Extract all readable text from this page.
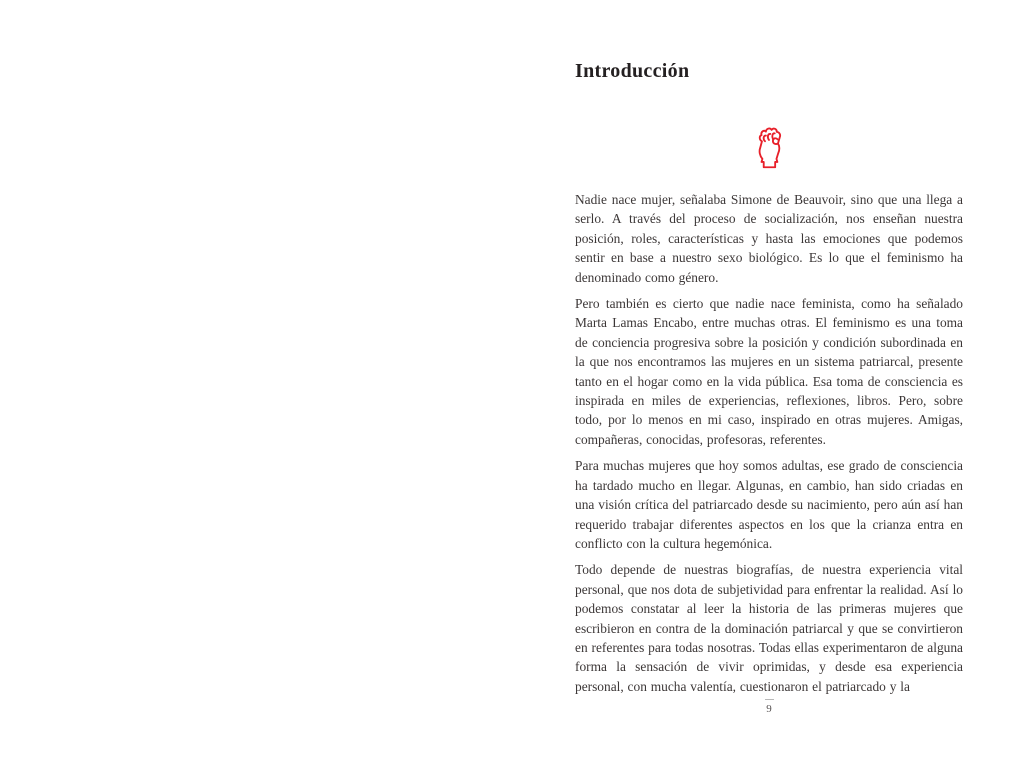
Introducción

Nadie nace mujer, señalaba Simone de Beauvoir, sino que una llega a serlo. A través del proceso de socialización, nos enseñan nuestra posición, roles, características y hasta las emociones que podemos sentir en base a nuestro sexo biológico. Es lo que el feminismo ha denominado como género.

Pero también es cierto que nadie nace feminista, como ha señalado Marta Lamas Encabo, entre muchas otras. El feminismo es una toma de conciencia progresiva sobre la posición y condición subordinada en la que nos encontramos las mujeres en un sistema patriarcal, presente tanto en el hogar como en la vida pública. Esa toma de consciencia es inspirada en miles de experiencias, reflexiones, libros. Pero, sobre todo, por lo menos en mi caso, inspirado en otras mujeres. Amigas, compañeras, conocidas, profesoras, referentes.

Para muchas mujeres que hoy somos adultas, ese grado de consciencia ha tardado mucho en llegar. Algunas, en cambio, han sido criadas en una visión crítica del patriarcado desde su nacimiento, pero aún así han requerido trabajar diferentes aspectos en los que la crianza entra en conflicto con la cultura hegemónica.

Todo depende de nuestras biografías, de nuestra experiencia vital personal, que nos dota de subjetividad para enfrentar la realidad. Así lo podemos constatar al leer la historia de las primeras mujeres que escribieron en contra de la dominación patriarcal y que se convirtieron en referentes para todas nosotras. Todas ellas experimentaron de alguna forma la sensación de vivir oprimidas, y desde esa experiencia personal, con mucha valentía, cuestionaron el patriarcado y la

9
